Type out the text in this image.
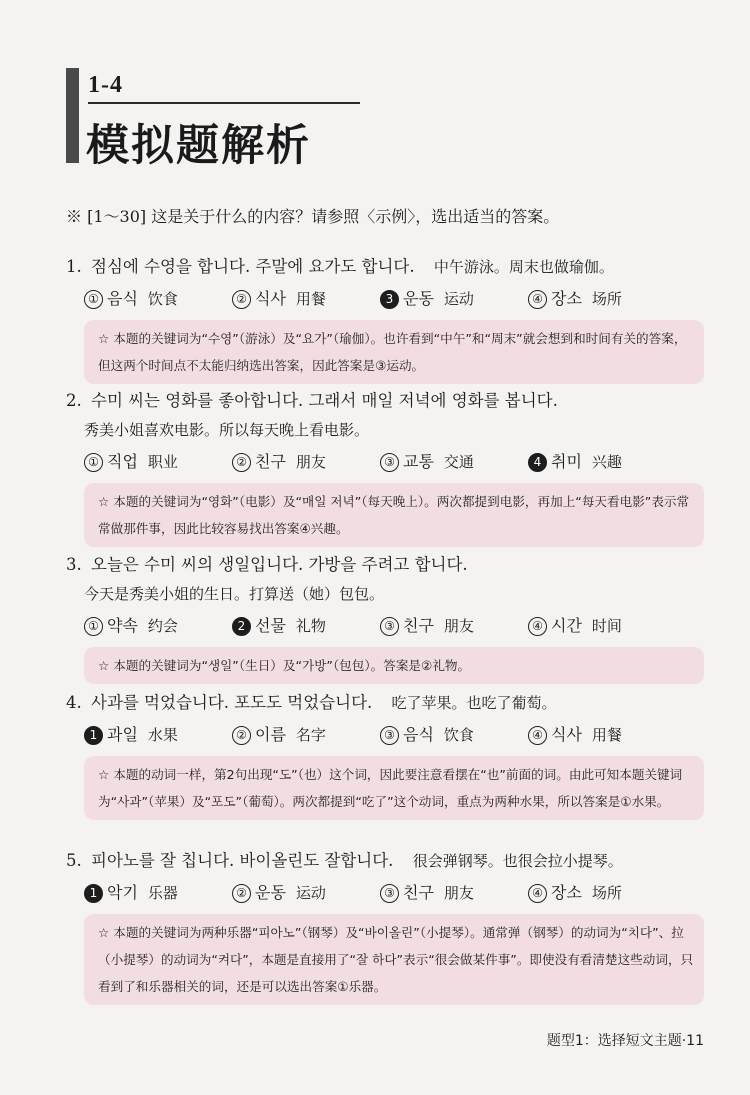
1-4
模拟题解析
※ [1～30] 这是关于什么的内容？请参照〈示例〉，选出适当的答案。
1. 점심에 수영을 합니다. 주말에 요가도 합니다. 中午游泳。周末也做瑜伽。
① 음식 饮食	② 식사 用餐	3 운동 运动	④ 장소 场所
☆ 本题的关键词为“수영”（游泳）及“요가”（瑜伽）。也许看到“中午”和“周末”就会想到和时间有关的答案，但这两个时间点不太能归纳选出答案，因此答案是③运动。
2. 수미 씨는 영화를 좋아합니다. 그래서 매일 저녁에 영화를 봅니다.
秀美小姐喜欢电影。所以每天晚上看电影。
① 직업 职业	② 친구 朋友	③ 교통 交通	4 취미 兴趣
☆ 本题的关键词为“영화”（电影）及“매일 저녁”（每天晚上）。两次都提到电影，再加上“每天看电影”表示常常做那件事，因此比较容易找出答案④兴趣。
3. 오늘은 수미 씨의 생일입니다. 가방을 주려고 합니다.
今天是秀美小姐的生日。打算送（她）包包。
① 약속 约会	2 선물 礼物	③ 친구 朋友	④ 시간 时间
☆ 本题的关键词为“생일”（生日）及“가방”（包包）。答案是②礼物。
4. 사과를 먹었습니다. 포도도 먹었습니다. 吃了苹果。也吃了葡萄。
1 과일 水果	② 이름 名字	③ 음식 饮食	④ 식사 用餐
☆ 本题的动词一样，第2句出现“도”（也）这个词，因此要注意看摆在“也”前面的词。由此可知本题关键词为“사과”（苹果）及“포도”（葡萄）。两次都提到“吃了”这个动词，重点为两种水果，所以答案是①水果。
5. 피아노를 잘 칩니다. 바이올린도 잘합니다. 很会弹钢琴。也很会拉小提琴。
1 악기 乐器	② 운동 运动	③ 친구 朋友	④ 장소 场所
☆ 本题的关键词为两种乐器“피아노”（钢琴）及“바이올린”（小提琴）。通常弹（钢琴）的动词为“치다”、拉（小提琴）的动词为“켜다”，本题是直接用了“잘 하다”表示“很会做某件事”。即使没有看清楚这些动词，只看到了和乐器相关的词，还是可以选出答案①乐器。
题型1：选择短文主题·11
